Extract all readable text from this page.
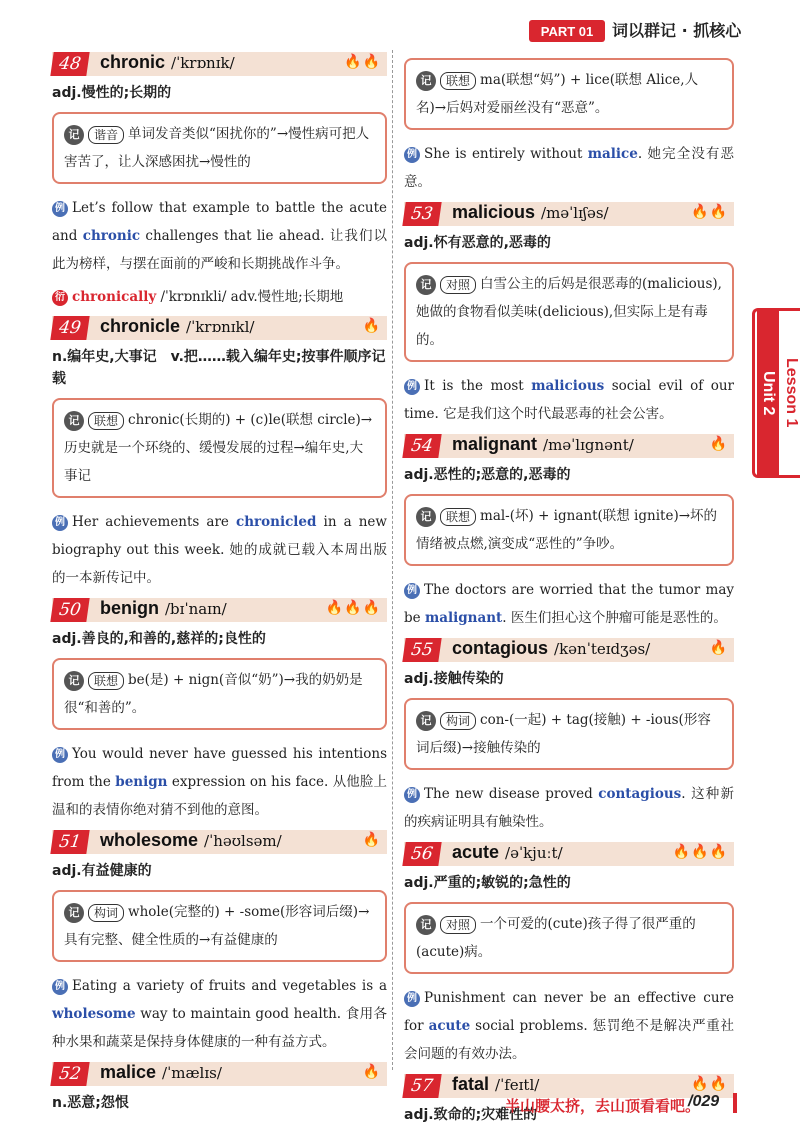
PART 01	词以群记 · 抓核心
48 chronic /ˈkrɒnɪk/	🔥🔥
adj.慢性的;长期的
记 谐音 单词发音类似“困扰你的”→慢性病可把人害苦了，让人深感困扰→慢性的
例 Let’s follow that example to battle the acute and chronic challenges that lie ahead. 让我们以此为榜样，与摆在面前的严峻和长期挑战作斗争。
衍 chronically /ˈkrɒnɪkli/ adv.慢性地;长期地
49 chronicle /ˈkrɒnɪkl/	🔥
n.编年史,大事记　v.把……载入编年史;按事件顺序记载
记 联想 chronic(长期的) + (c)le(联想 circle)→历史就是一个环绕的、缓慢发展的过程→编年史,大事记
例 Her achievements are chronicled in a new biography out this week. 她的成就已载入本周出版的一本新传记中。
50 benign /bɪˈnaɪn/	🔥🔥🔥
adj.善良的,和善的,慈祥的;良性的
记 联想 be(是) + nign(音似“奶”)→我的奶奶是很“和善的”。
例 You would never have guessed his intentions from the benign expression on his face. 从他脸上温和的表情你绝对猜不到他的意图。
51 wholesome /ˈhəʊlsəm/	🔥
adj.有益健康的
记 构词 whole(完整的) + -some(形容词后缀)→具有完整、健全性质的→有益健康的
例 Eating a variety of fruits and vegetables is a wholesome way to maintain good health. 食用各种水果和蔬菜是保持身体健康的一种有益方式。
52 malice /ˈmælɪs/	🔥
n.恶意;怨恨
记 联想 ma(联想“妈”) + lice(联想 Alice,人名)→后妈对爱丽丝没有“恶意”。
例 She is entirely without malice. 她完全没有恶意。
53 malicious /məˈlɪʃəs/	🔥🔥
adj.怀有恶意的,恶毒的
记 对照 白雪公主的后妈是很恶毒的(malicious),她做的食物看似美味(delicious),但实际上是有毒的。
例 It is the most malicious social evil of our time. 它是我们这个时代最恶毒的社会公害。
54 malignant /məˈlɪgnənt/	🔥
adj.恶性的;恶意的,恶毒的
记 联想 mal-(坏) + ignant(联想 ignite)→坏的情绪被点燃,演变成“恶性的”争吵。
例 The doctors are worried that the tumor may be malignant. 医生们担心这个肿瘤可能是恶性的。
55 contagious /kənˈteɪdʒəs/	🔥
adj.接触传染的
记 构词 con-(一起) + tag(接触) + -ious(形容词后缀)→接触传染的
例 The new disease proved contagious. 这种新的疾病证明具有触染性。
56 acute /əˈkjuːt/	🔥🔥🔥
adj.严重的;敏锐的;急性的
记 对照 一个可爱的(cute)孩子得了很严重的(acute)病。
例 Punishment can never be an effective cure for acute social problems. 惩罚绝不是解决严重社会问题的有效办法。
57 fatal /ˈfeɪtl/	🔥🔥
adj.致命的;灾难性的
Unit 2 Lesson 1
半山腰太挤，去山顶看看吧。
/029
